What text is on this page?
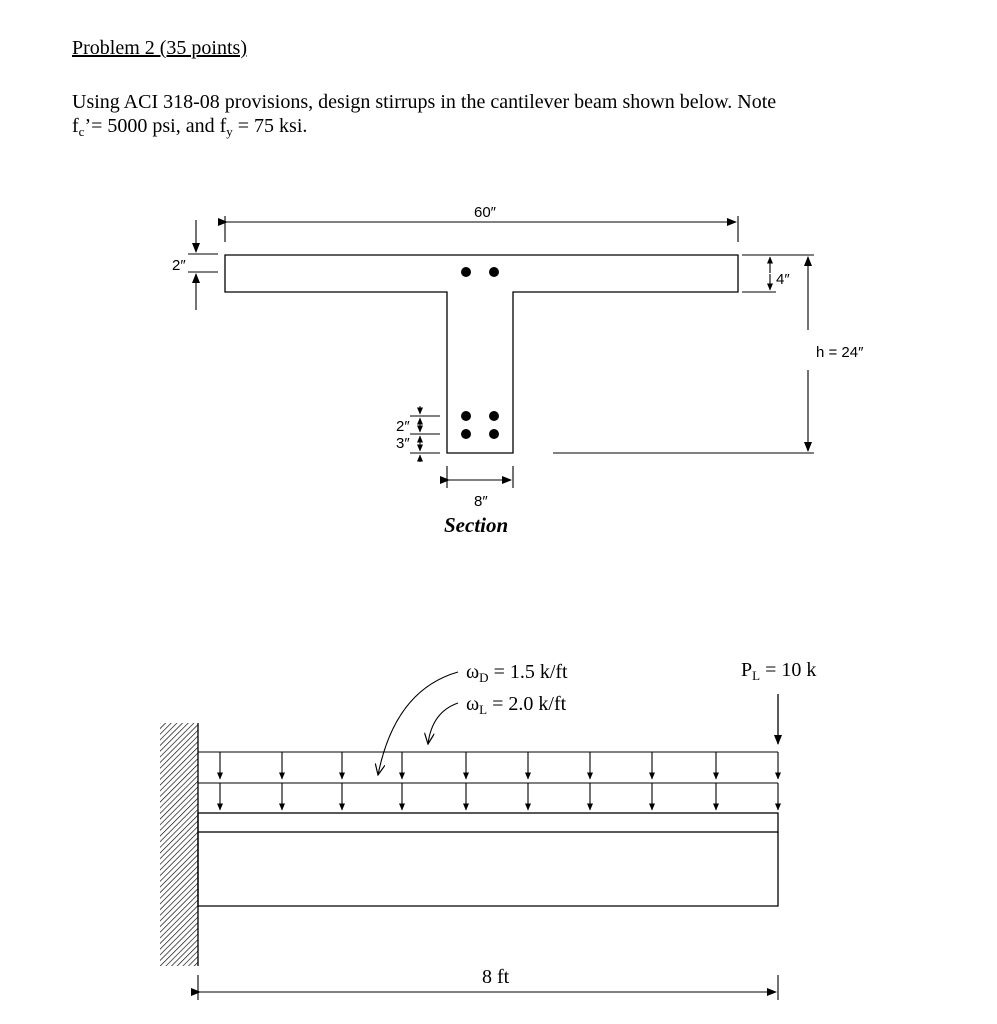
Problem 2 (35 points)
Using ACI 318-08 provisions, design stirrups in the cantilever beam shown below. Note
$f_c’= 5000$ psi, and $f_y = 75$ ksi.
60″
2″
4″
h = 24″
2″
3″
8″
Section
$\omega_D = 1.5$ k/ft
$\omega_L = 2.0$ k/ft
$P_L = 10$ k
8 ft
